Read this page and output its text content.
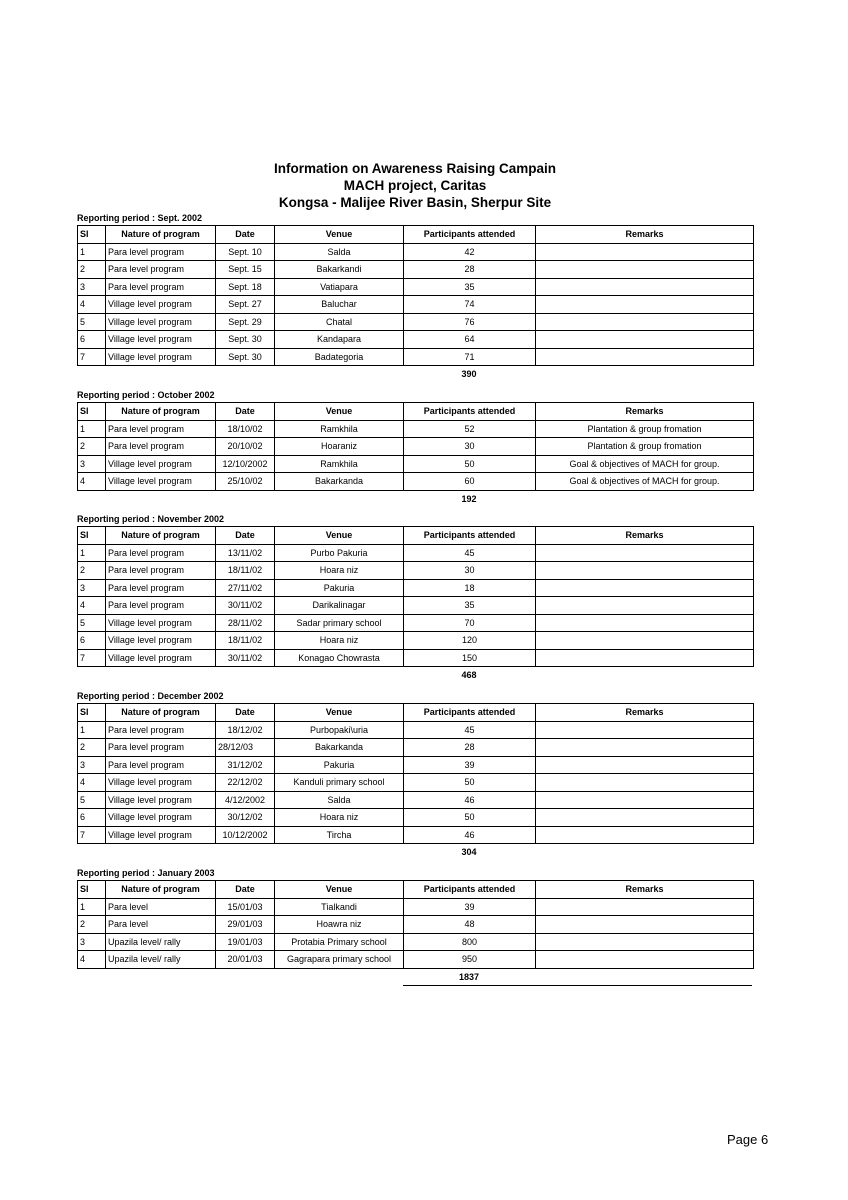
Information on Awareness Raising Campain
MACH project, Caritas
Kongsa - Malijee River Basin, Sherpur Site
Reporting period : Sept. 2002
Sl	Nature of program	Date	Venue	Participants attended	Remarks
1	Para level program	Sept. 10	Salda	42	
2	Para level program	Sept. 15	Bakarkandi	28	
3	Para level program	Sept. 18	Vatiapara	35	
4	Village level program	Sept. 27	Baluchar	74	
5	Village level program	Sept. 29	Chatal	76	
6	Village level program	Sept. 30	Kandapara	64	
7	Village level program	Sept. 30	Badategoria	71	
390
Reporting period : October 2002
Sl	Nature of program	Date	Venue	Participants attended	Remarks
1	Para level program	18/10/02	Ramkhila	52	Plantation & group fromation
2	Para level program	20/10/02	Hoaraniz	30	Plantation & group fromation
3	Village level program	12/10/2002	Ramkhila	50	Goal & objectives of MACH for group.
4	Village level program	25/10/02	Bakarkanda	60	Goal & objectives of MACH for group.
192
Reporting period : November 2002
Sl	Nature of program	Date	Venue	Participants attended	Remarks
1	Para level program	13/11/02	Purbo Pakuria	45	
2	Para level program	18/11/02	Hoara niz	30	
3	Para level program	27/11/02	Pakuria	18	
4	Para level program	30/11/02	Darikalinagar	35	
5	Village level program	28/11/02	Sadar primary school	70	
6	Village level program	18/11/02	Hoara niz	120	
7	Village level program	30/11/02	Konagao Chowrasta	150	
468
Reporting period : December 2002
Sl	Nature of program	Date	Venue	Participants attended	Remarks
1	Para level program	18/12/02	Purbopaki\uria	45	
2	Para level program	28/12/03	Bakarkanda	28	
3	Para level program	31/12/02	Pakuria	39	
4	Village level program	22/12/02	Kanduli primary school	50	
5	Village level program	4/12/2002	Salda	46	
6	Village level program	30/12/02	Hoara niz	50	
7	Village level program	10/12/2002	Tircha	46	
304
Reporting period : January 2003
Sl	Nature of program	Date	Venue	Participants attended	Remarks
1	Para level	15/01/03	Tialkandi	39	
2	Para level	29/01/03	Hoawra niz	48	
3	Upazila level/ rally	19/01/03	Protabia Primary school	800	
4	Upazila level/ rally	20/01/03	Gagrapara primary school	950	
1837
Page 6
